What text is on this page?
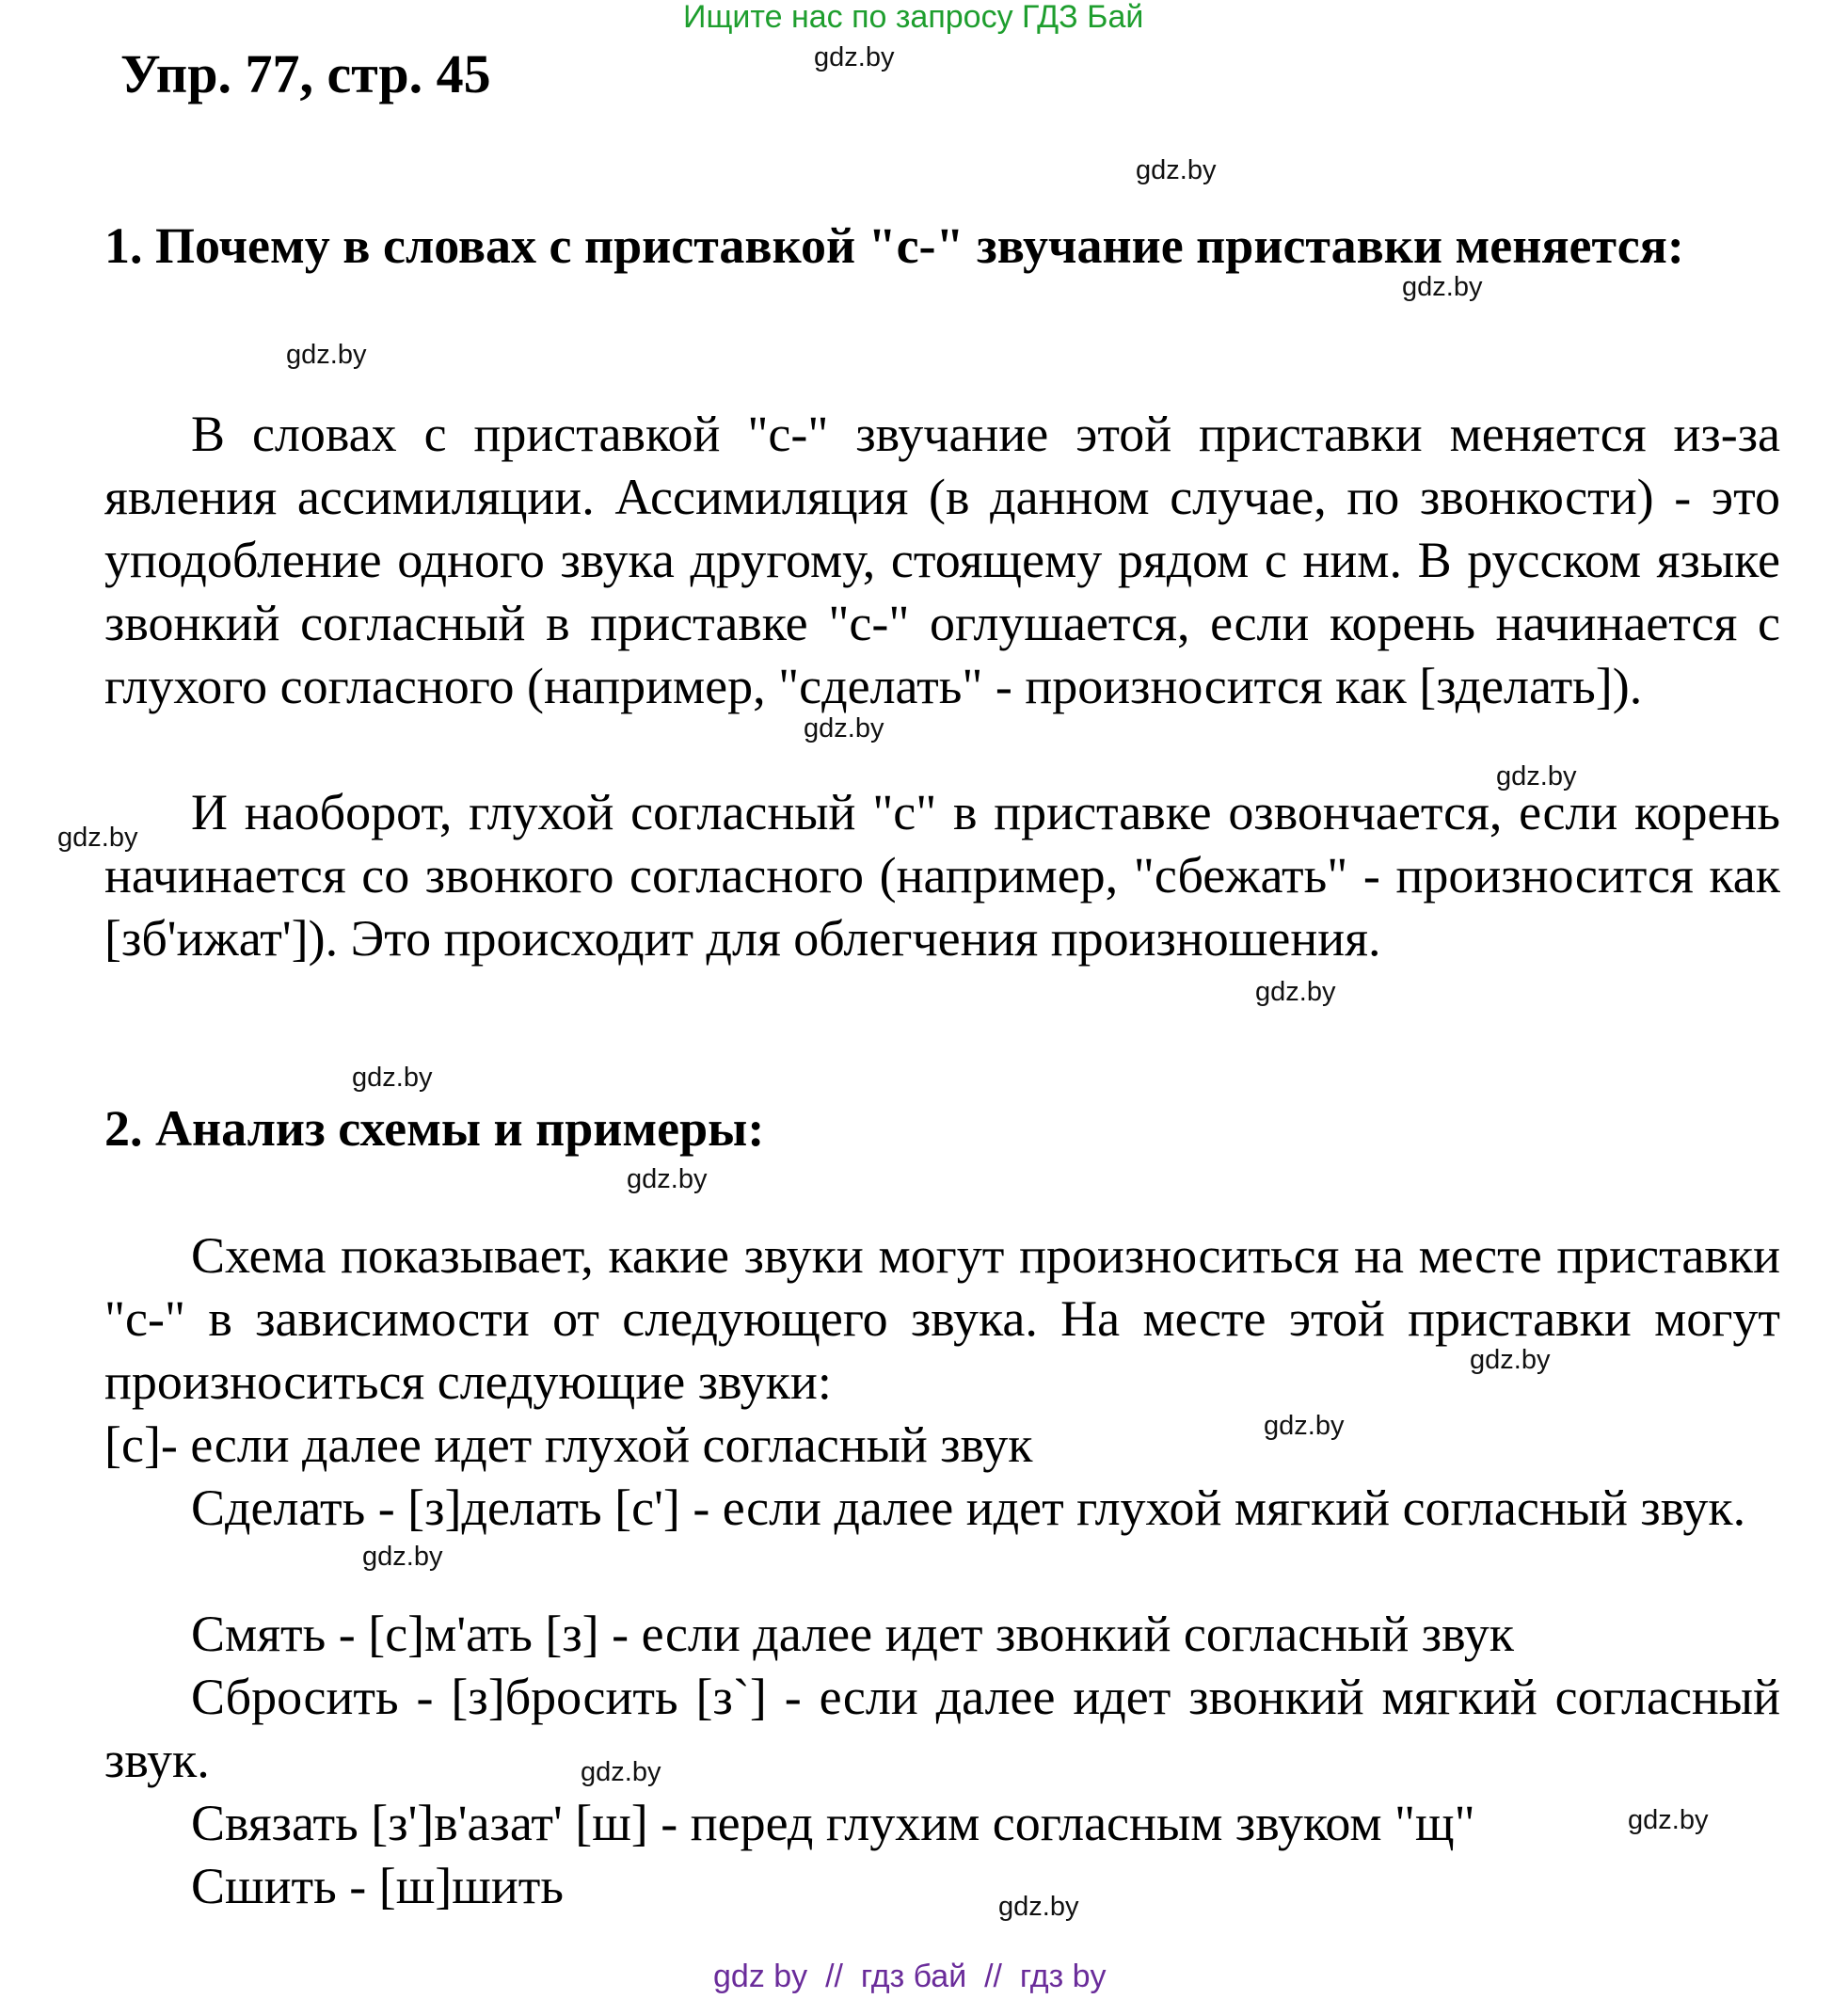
Ищите нас по запросу ГДЗ Бай
Упр. 77, стр. 45	gdz.by
gdz.by
gdz.by
gdz.by
gdz.by
gdz.by
gdz.by
gdz.by
gdz.by
gdz.by
gdz.by
gdz.by
gdz.by
gdz.by
gdz.by
gdz.by
1. Почему в словах с приставкой "с-" звучание приставки меняется:
В словах с приставкой "с-" звучание этой приставки меняется из-за явления ассимиляции. Ассимиляция (в данном случае, по звонкости) - это уподобление одного звука другому, стоящему рядом с ним. В русском языке звонкий согласный в приставке "с-" оглушается, если корень начинается с глухого согласного (например, "сделать" - произносится как [зделать]).
И наоборот, глухой согласный "с" в приставке озвончается, если корень начинается со звонкого согласного (например, "сбежать" - произносится как [зб'ижат']). Это происходит для облегчения произношения.
2. Анализ схемы и примеры:
Схема показывает, какие звуки могут произноситься на месте приставки "с-" в зависимости от следующего звука. На месте этой приставки могут произноситься следующие звуки:
[с]- если далее идет глухой согласный звук
Сделать - [з]делать [с'] - если далее идет глухой мягкий согласный звук.
Смять - [с]м'ать [з] - если далее идет звонкий согласный звук
Сбросить - [з]бросить [з`] - если далее идет звонкий мягкий согласный звук.
Связать [з']в'азат' [ш] - перед глухим согласным звуком "щ"
Сшить - [ш]шить
gdz by  //  гдз бай  //  гдз by
